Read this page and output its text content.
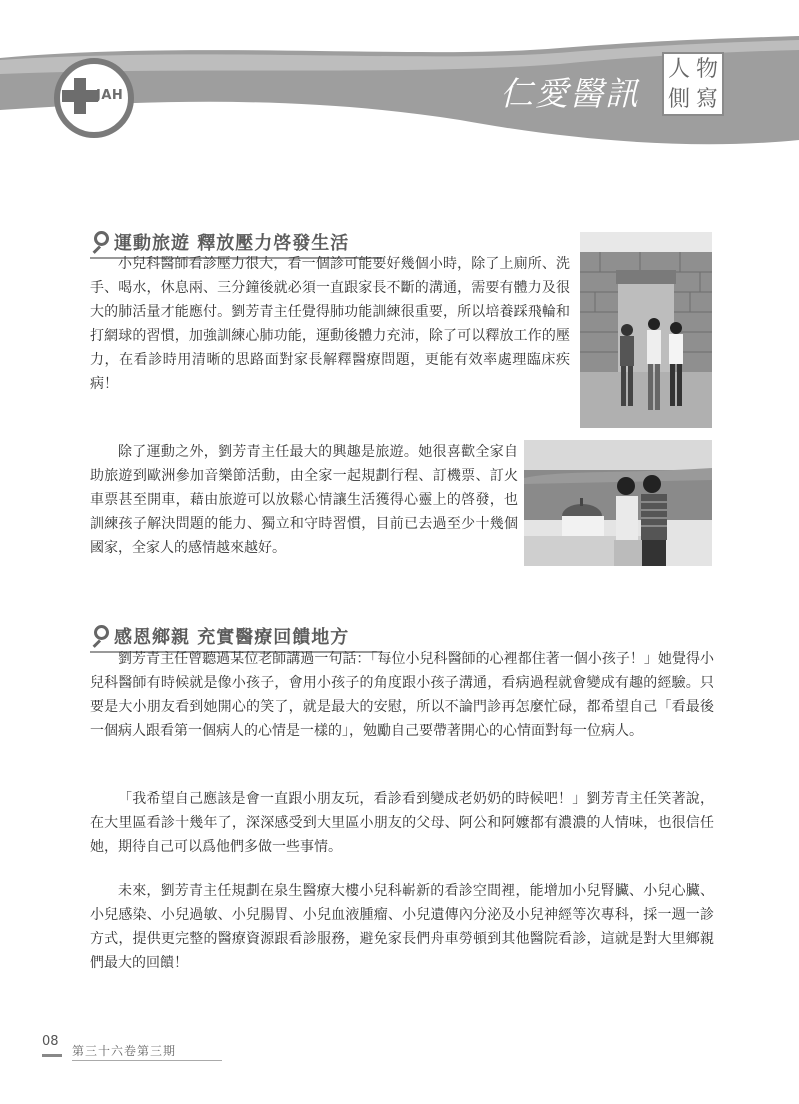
JAH	仁愛醫訊
人 物
側 寫
運動旅遊 釋放壓力啓發生活

小兒科醫師看診壓力很大，看一個診可能要好幾個小時，除了上廁所、洗手、喝水，休息兩、三分鐘後就必須一直跟家長不斷的溝通，需要有體力及很大的肺活量才能應付。劉芳青主任覺得肺功能訓練很重要，所以培養踩飛輪和打網球的習慣，加強訓練心肺功能，運動後體力充沛，除了可以釋放工作的壓力，在看診時用清晰的思路面對家長解釋醫療問題，更能有效率處理臨床疾病！

除了運動之外，劉芳青主任最大的興趣是旅遊。她很喜歡全家自助旅遊到歐洲參加音樂節活動，由全家一起規劃行程、訂機票、訂火車票甚至開車，藉由旅遊可以放鬆心情讓生活獲得心靈上的啓發，也訓練孩子解決問題的能力、獨立和守時習慣，目前已去過至少十幾個國家，全家人的感情越來越好。

感恩鄉親 充實醫療回饋地方

劉芳青主任曾聽過某位老師講過一句話：「每位小兒科醫師的心裡都住著一個小孩子！」她覺得小兒科醫師有時候就是像小孩子，會用小孩子的角度跟小孩子溝通，看病過程就會變成有趣的經驗。只要是大小朋友看到她開心的笑了，就是最大的安慰，所以不論門診再怎麼忙碌，都希望自己「看最後一個病人跟看第一個病人的心情是一樣的」，勉勵自己要帶著開心的心情面對每一位病人。

「我希望自己應該是會一直跟小朋友玩，看診看到變成老奶奶的時候吧！」劉芳青主任笑著說，在大里區看診十幾年了，深深感受到大里區小朋友的父母、阿公和阿嬤都有濃濃的人情味，也很信任她，期待自己可以爲他們多做一些事情。

未來，劉芳青主任規劃在泉生醫療大樓小兒科嶄新的看診空間裡，能增加小兒腎臟、小兒心臟、小兒感染、小兒過敏、小兒腸胃、小兒血液腫瘤、小兒遺傳內分泌及小兒神經等次專科，採一週一診方式，提供更完整的醫療資源跟看診服務，避免家長們舟車勞頓到其他醫院看診，這就是對大里鄉親們最大的回饋！

08
第三十六卷第三期
